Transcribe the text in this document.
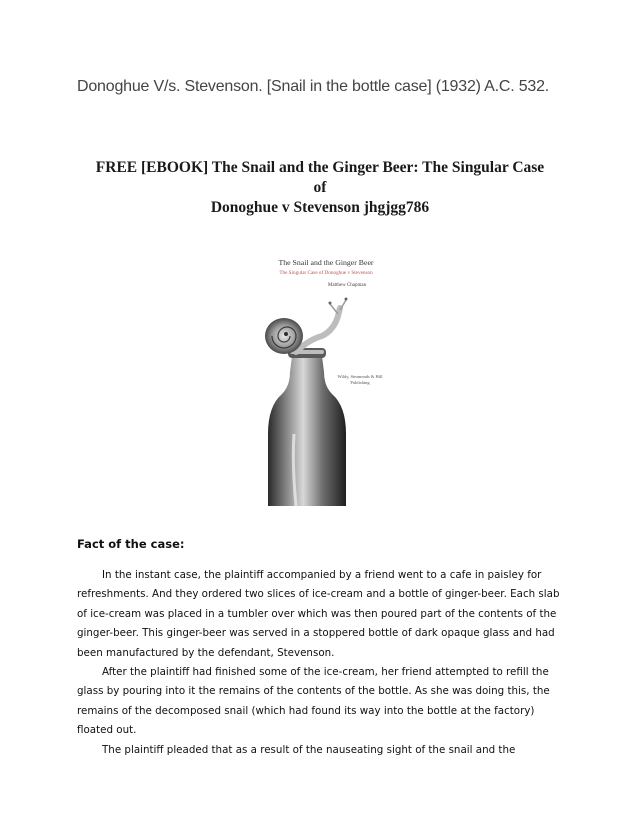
Donoghue V/s. Stevenson. [Snail in the bottle case] (1932) A.C. 532.
FREE [EBOOK] The Snail and the Ginger Beer: The Singular Case of
Donoghue v Stevenson jhgjgg786
The Snail and the Ginger Beer
The Singular Case of Donoghue v Stevenson
Matthew Chapman
Wildy, Simmonds & Hill
Publishing
Fact of the case:

In the instant case, the plaintiff accompanied by a friend went to a cafe in paisley for refreshments. And they ordered two slices of ice-cream and a bottle of ginger-beer. Each slab of ice-cream was placed in a tumbler over which was then poured part of the contents of the ginger-beer. This ginger-beer was served in a stoppered bottle of dark opaque glass and had been manufactured by the defendant, Stevenson.

After the plaintiff had finished some of the ice-cream, her friend attempted to refill the glass by pouring into it the remains of the contents of the bottle. As she was doing this, the remains of the decomposed snail (which had found its way into the bottle at the factory) floated out.

The plaintiff pleaded that as a result of the nauseating sight of the snail and the
